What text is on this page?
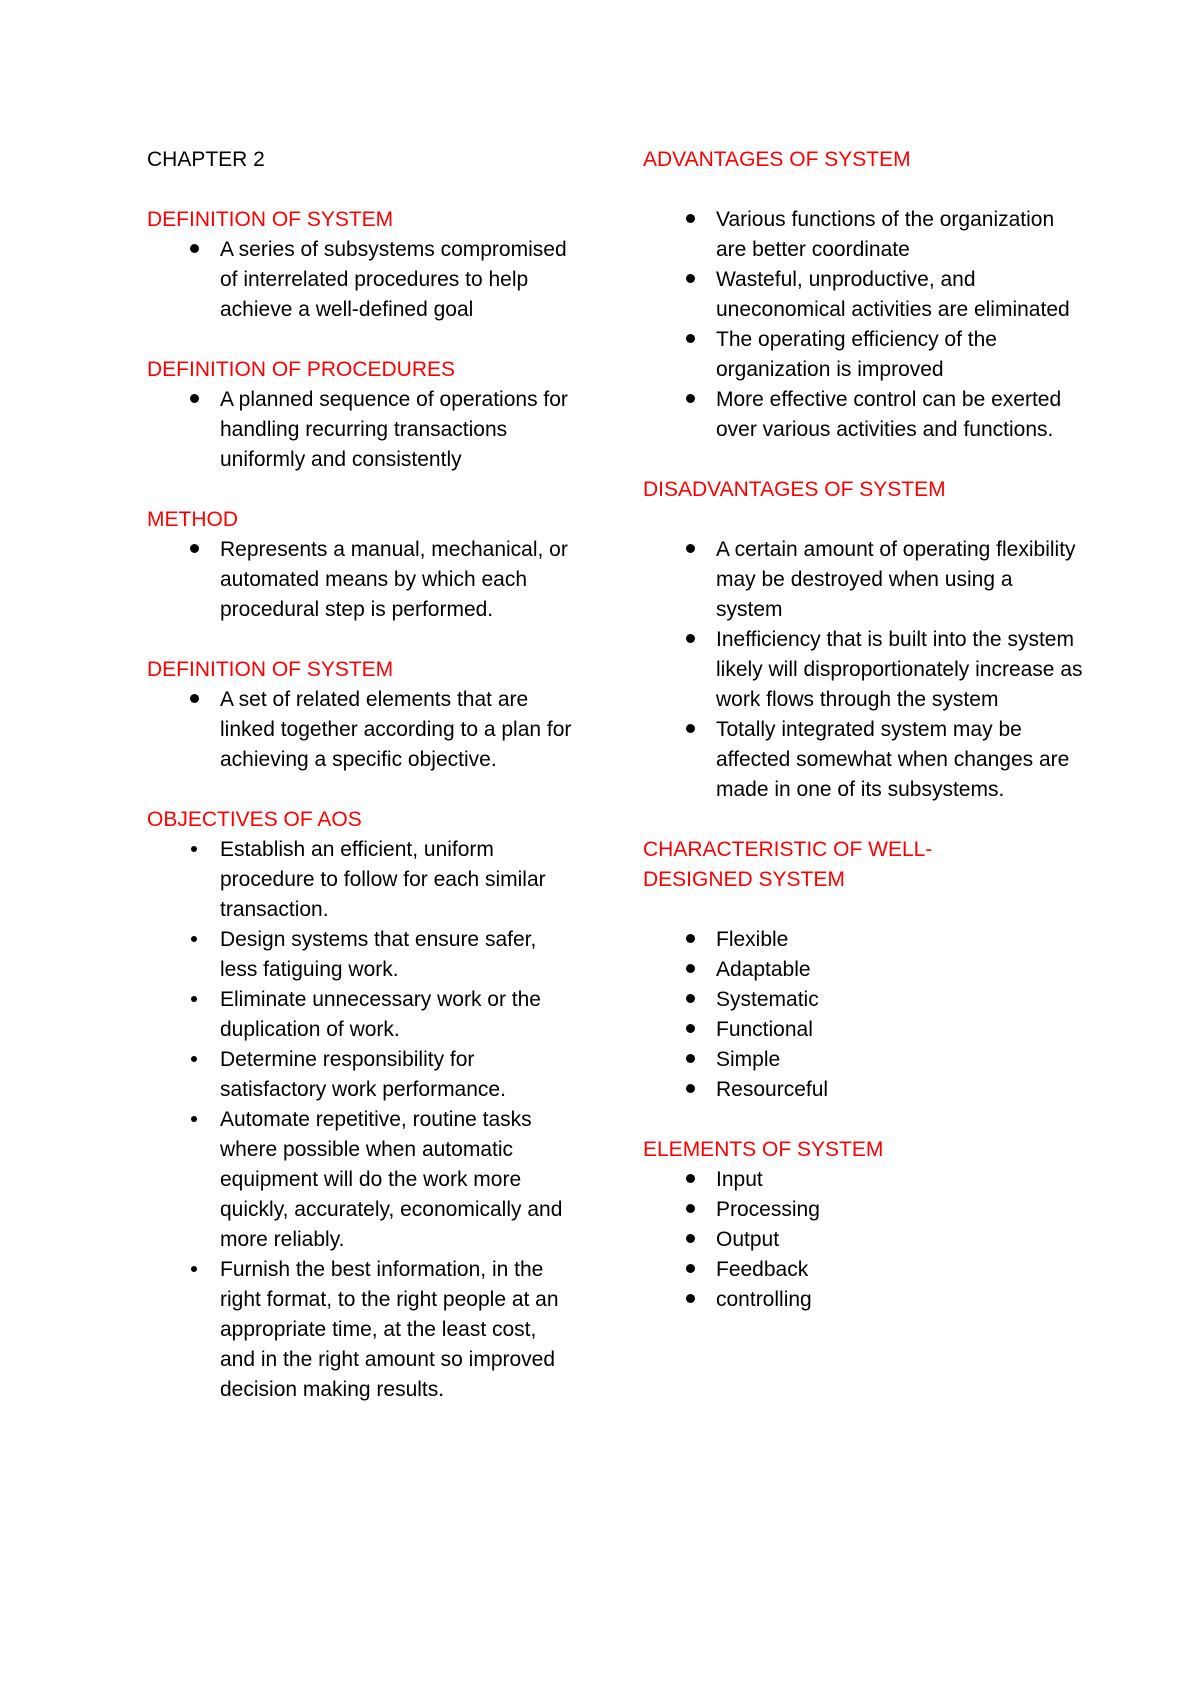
CHAPTER 2

DEFINITION OF SYSTEM

A series of subsystems compromised of interrelated procedures to help achieve a well-defined goal

DEFINITION OF PROCEDURES

A planned sequence of operations for handling recurring transactions uniformly and consistently

METHOD

Represents a manual, mechanical, or automated means by which each procedural step is performed.

DEFINITION OF SYSTEM

A set of related elements that are linked together according to a plan for achieving a specific objective.

OBJECTIVES OF AOS

Establish an efficient, uniform procedure to follow for each similar transaction.
Design systems that ensure safer, less fatiguing work.
Eliminate unnecessary work or the duplication of work.
Determine responsibility for satisfactory work performance.
Automate repetitive, routine tasks where possible when automatic equipment will do the work more quickly, accurately, economically and more reliably.
Furnish the best information, in the right format, to the right people at an appropriate time, at the least cost, and in the right amount so improved decision making results.

ADVANTAGES OF SYSTEM

Various functions of the organization are better coordinate
Wasteful, unproductive, and uneconomical activities are eliminated
The operating efficiency of the organization is improved
More effective control can be exerted over various activities and functions.

DISADVANTAGES OF SYSTEM

A certain amount of operating flexibility may be destroyed when using a system
Inefficiency that is built into the system likely will disproportionately increase as work flows through the system
Totally integrated system may be affected somewhat when changes are made in one of its subsystems.

CHARACTERISTIC OF WELL-DESIGNED SYSTEM

Flexible
Adaptable
Systematic
Functional
Simple
Resourceful

ELEMENTS OF SYSTEM

Input
Processing
Output
Feedback
controlling
